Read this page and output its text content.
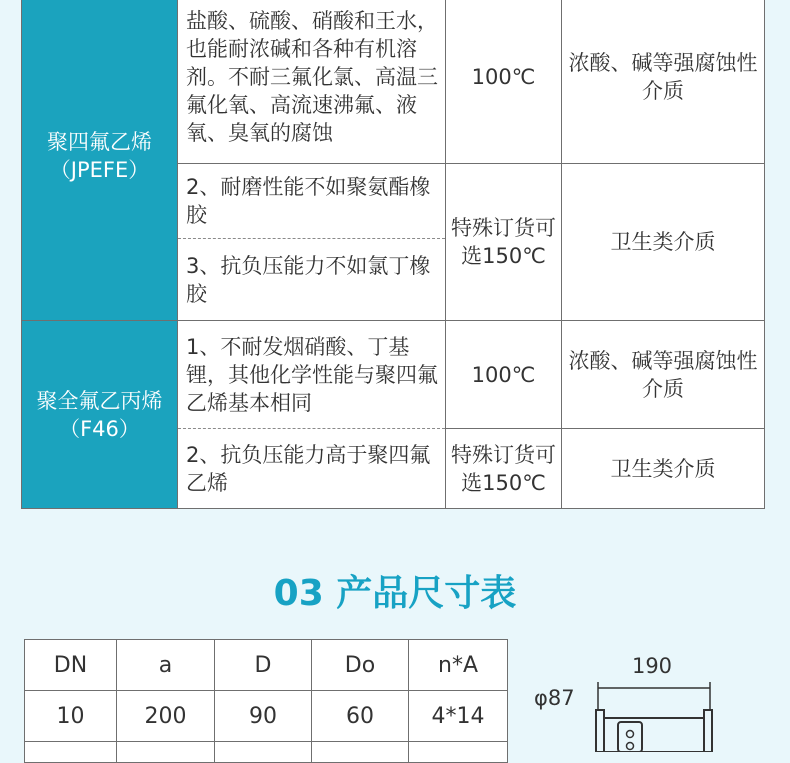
聚四氟乙烯（JPEFE）	盐酸、硫酸、硝酸和王水，也能耐浓碱和各种有机溶剂。不耐三氟化氯、高温三氟化氧、高流速沸氟、液氧、臭氧的腐蚀	100℃	浓酸、碱等强腐蚀性介质
	2、耐磨性能不如聚氨酯橡胶	特殊订货可选150℃	卫生类介质
	3、抗负压能力不如氯丁橡胶		
聚全氟乙丙烯（F46）	1、不耐发烟硝酸、丁基锂，其他化学性能与聚四氟乙烯基本相同	100℃	浓酸、碱等强腐蚀性介质
	2、抗负压能力高于聚四氟乙烯	特殊订货可选150℃	卫生类介质
03 产品尺寸表
DN	a	D	Do	n*A
10	200	90	60	4*14

190
φ87
